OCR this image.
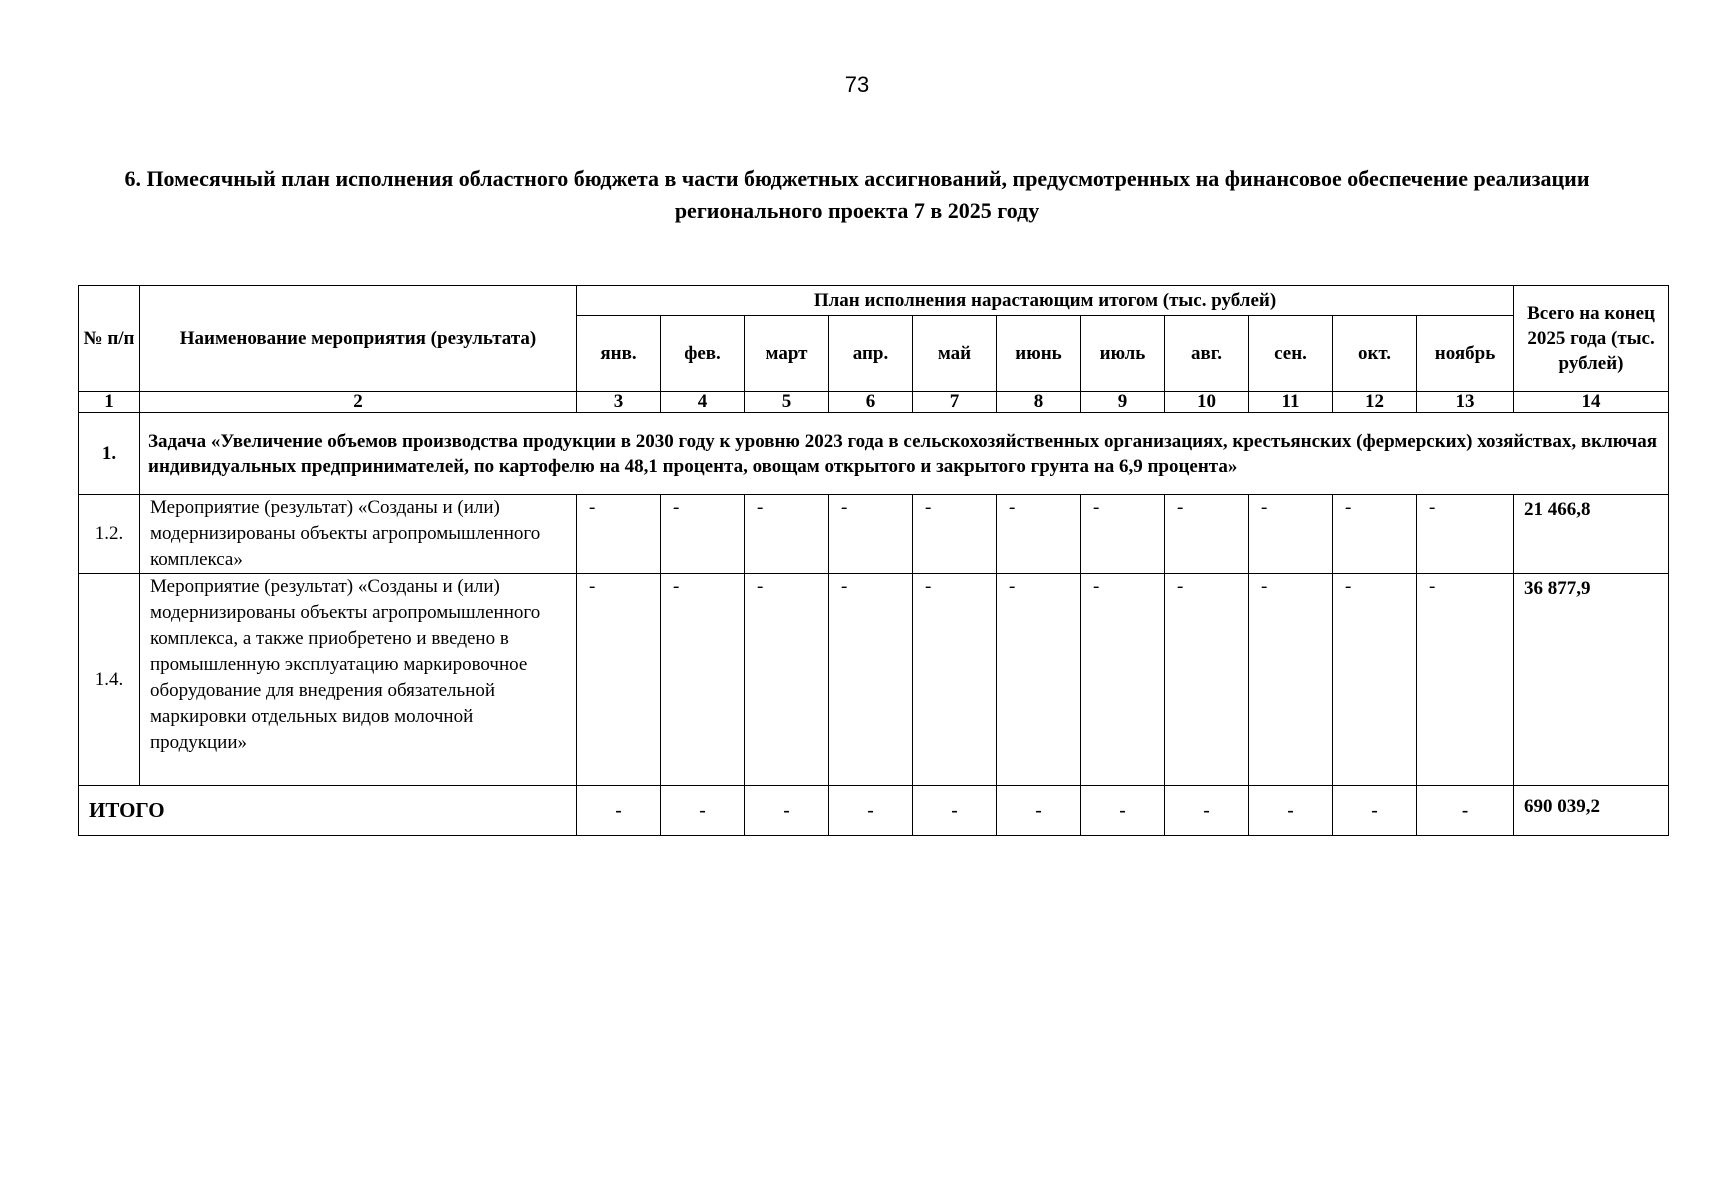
73
6. Помесячный план исполнения областного бюджета в части бюджетных ассигнований, предусмотренных на финансовое обеспечение реализации регионального проекта 7 в 2025 году
№ п/п	Наименование мероприятия (результата)	План исполнения нарастающим итогом (тыс. рублей)											Всего на конец 2025 года (тыс. рублей)
		янв.	фев.	март	апр.	май	июнь	июль	авг.	сен.	окт.	ноябрь	
1	2	3	4	5	6	7	8	9	10	11	12	13	14
1.	Задача «Увеличение объемов производства продукции в 2030 году к уровню 2023 года в сельскохозяйственных организациях, крестьянских (фермерских) хозяйствах, включая индивидуальных предпринимателей, по картофелю на 48,1 процента, овощам открытого и закрытого грунта на 6,9 процента»												
1.2.	Мероприятие (результат) «Созданы и (или) модернизированы объекты агропромышленного комплекса»	-	-	-	-	-	-	-	-	-	-	-	21 466,8
1.4.	Мероприятие (результат) «Созданы и (или) модернизированы объекты агропромышленного комплекса, а также приобретено и введено в промышленную эксплуатацию маркировочное оборудование для внедрения обязательной маркировки отдельных видов молочной продукции»	-	-	-	-	-	-	-	-	-	-	-	36 877,9
ИТОГО		-	-	-	-	-	-	-	-	-	-	-	690 039,2
